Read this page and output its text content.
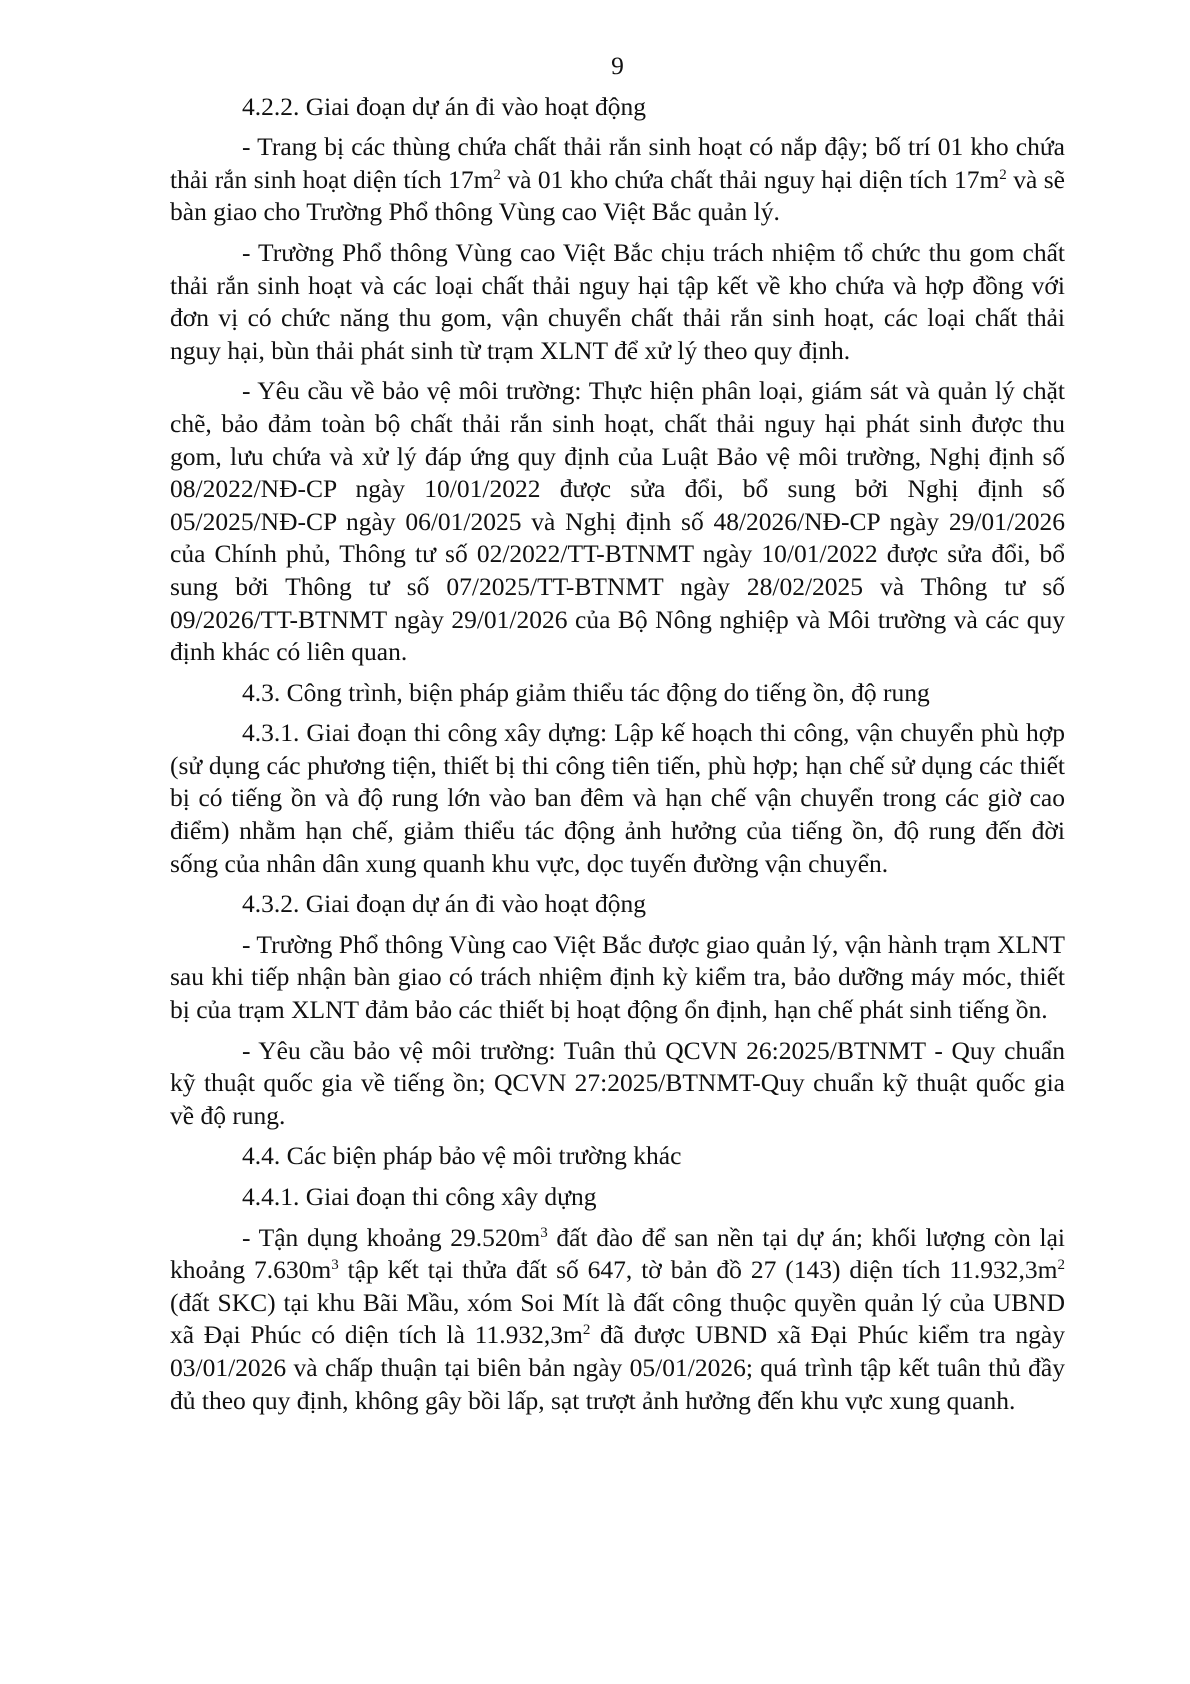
9

4.2.2. Giai đoạn dự án đi vào hoạt động

- Trang bị các thùng chứa chất thải rắn sinh hoạt có nắp đậy; bố trí 01 kho chứa thải rắn sinh hoạt diện tích $17m^2$ và 01 kho chứa chất thải nguy hại diện tích $17m^2$ và sẽ bàn giao cho Trường Phổ thông Vùng cao Việt Bắc quản lý.

- Trường Phổ thông Vùng cao Việt Bắc chịu trách nhiệm tổ chức thu gom chất thải rắn sinh hoạt và các loại chất thải nguy hại tập kết về kho chứa và hợp đồng với đơn vị có chức năng thu gom, vận chuyển chất thải rắn sinh hoạt, các loại chất thải nguy hại, bùn thải phát sinh từ trạm XLNT để xử lý theo quy định.

- Yêu cầu về bảo vệ môi trường: Thực hiện phân loại, giám sát và quản lý chặt chẽ, bảo đảm toàn bộ chất thải rắn sinh hoạt, chất thải nguy hại phát sinh được thu gom, lưu chứa và xử lý đáp ứng quy định của Luật Bảo vệ môi trường, Nghị định số 08/2022/NĐ-CP ngày 10/01/2022 được sửa đổi, bổ sung bởi Nghị định số 05/2025/NĐ-CP ngày 06/01/2025 và Nghị định số 48/2026/NĐ-CP ngày 29/01/2026 của Chính phủ, Thông tư số 02/2022/TT-BTNMT ngày 10/01/2022 được sửa đổi, bổ sung bởi Thông tư số 07/2025/TT-BTNMT ngày 28/02/2025 và Thông tư số 09/2026/TT-BTNMT ngày 29/01/2026 của Bộ Nông nghiệp và Môi trường và các quy định khác có liên quan.

4.3. Công trình, biện pháp giảm thiểu tác động do tiếng ồn, độ rung

4.3.1. Giai đoạn thi công xây dựng: Lập kế hoạch thi công, vận chuyển phù hợp (sử dụng các phương tiện, thiết bị thi công tiên tiến, phù hợp; hạn chế sử dụng các thiết bị có tiếng ồn và độ rung lớn vào ban đêm và hạn chế vận chuyển trong các giờ cao điểm) nhằm hạn chế, giảm thiểu tác động ảnh hưởng của tiếng ồn, độ rung đến đời sống của nhân dân xung quanh khu vực, dọc tuyến đường vận chuyển.

4.3.2. Giai đoạn dự án đi vào hoạt động

- Trường Phổ thông Vùng cao Việt Bắc được giao quản lý, vận hành trạm XLNT sau khi tiếp nhận bàn giao có trách nhiệm định kỳ kiểm tra, bảo dưỡng máy móc, thiết bị của trạm XLNT đảm bảo các thiết bị hoạt động ổn định, hạn chế phát sinh tiếng ồn.

- Yêu cầu bảo vệ môi trường: Tuân thủ QCVN 26:2025/BTNMT - Quy chuẩn kỹ thuật quốc gia về tiếng ồn; QCVN 27:2025/BTNMT-Quy chuẩn kỹ thuật quốc gia về độ rung.

4.4. Các biện pháp bảo vệ môi trường khác

4.4.1. Giai đoạn thi công xây dựng

- Tận dụng khoảng $29.520m^3$ đất đào để san nền tại dự án; khối lượng còn lại khoảng $7.630m^3$ tập kết tại thửa đất số 647, tờ bản đồ 27 (143) diện tích $11.932,3m^2$ (đất SKC) tại khu Bãi Mầu, xóm Soi Mít là đất công thuộc quyền quản lý của UBND xã Đại Phúc có diện tích là $11.932,3m^2$ đã được UBND xã Đại Phúc kiểm tra ngày 03/01/2026 và chấp thuận tại biên bản ngày 05/01/2026; quá trình tập kết tuân thủ đầy đủ theo quy định, không gây bồi lấp, sạt trượt ảnh hưởng đến khu vực xung quanh.
